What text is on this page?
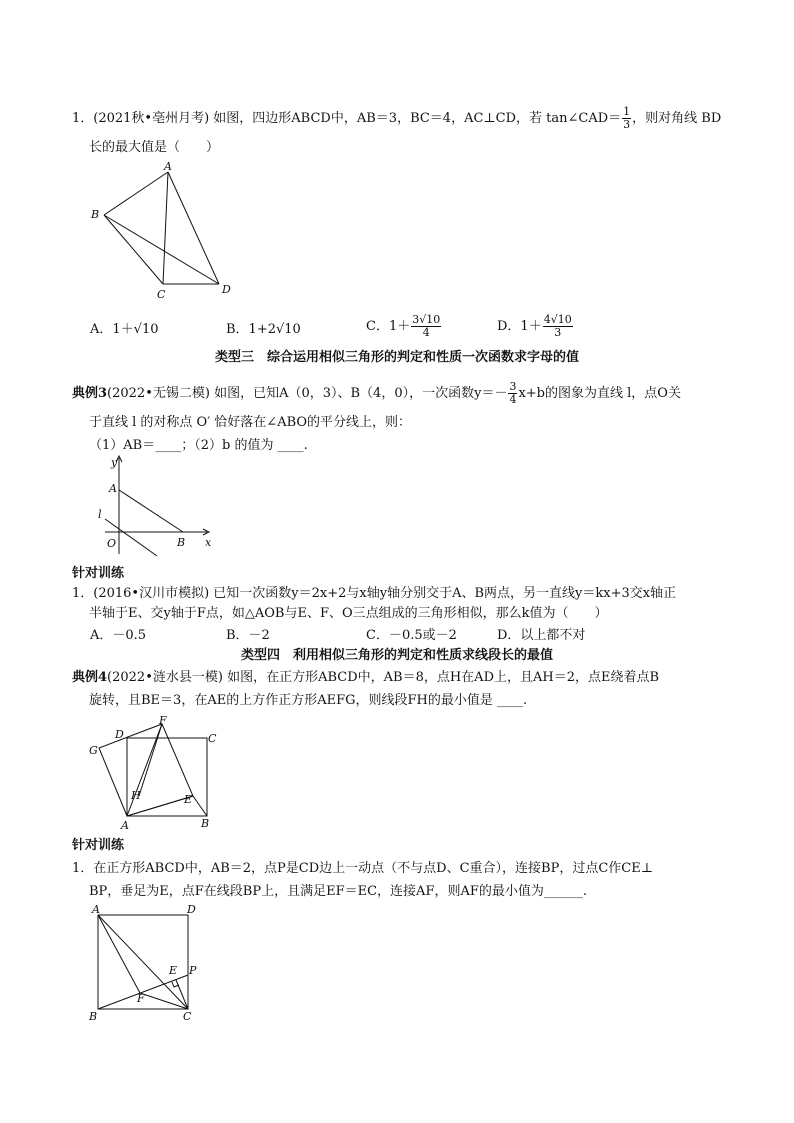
1．(2021秋•亳州月考) 如图，四边形ABCD中，AB＝3，BC＝4，AC⊥CD，若 tan∠CAD＝ $\frac{1}{3}$ ，则对角线 BD
长的最大值是（　　）
A
B
C	D
A．1＋√10	B．1+2√10	C．$1+ \frac{3√10}{4}$	D．$1+ \frac{4√10}{3}$
类型三　综合运用相似三角形的判定和性质一次函数求字母的值
典例3(2022•无锡二模) 如图，已知A（0，3）、B（4，0），一次函数$y=- \frac{3}{4} x+b$的图象为直线 l，点O关
于直线 l 的对称点 O′ 恰好落在∠ABO的平分线上，则：
（1）AB＝____；（2）b 的值为 ____.
y
A
l
O	B x
针对训练
1．(2016•汉川市模拟) 已知一次函数y＝2x+2与x轴y轴分别交于A、B两点，另一直线y＝kx+3交x轴正
半轴于E、交y轴于F点，如△AOB与E、F、O三点组成的三角形相似，那么k值为（　　）
A．－0.5	B．－2	C．－0.5或－2	D．以上都不对
类型四　利用相似三角形的判定和性质求线段长的最值
典例4(2022•涟水县一模) 如图，在正方形ABCD中，AB＝8，点H在AD上，且AH＝2，点E绕着点B
旋转，且BE＝3，在AE的上方作正方形AEFG，则线段FH的最小值是 ____.
F
D	C
G
H	E
A	B
针对训练
1．在正方形ABCD中，AB＝2，点P是CD边上一动点（不与点D、C重合），连接BP，过点C作CE⊥
BP，垂足为E，点F在线段BP上，且满足EF＝EC，连接AF，则AF的最小值为______.
A	D
E P
F
B	C
